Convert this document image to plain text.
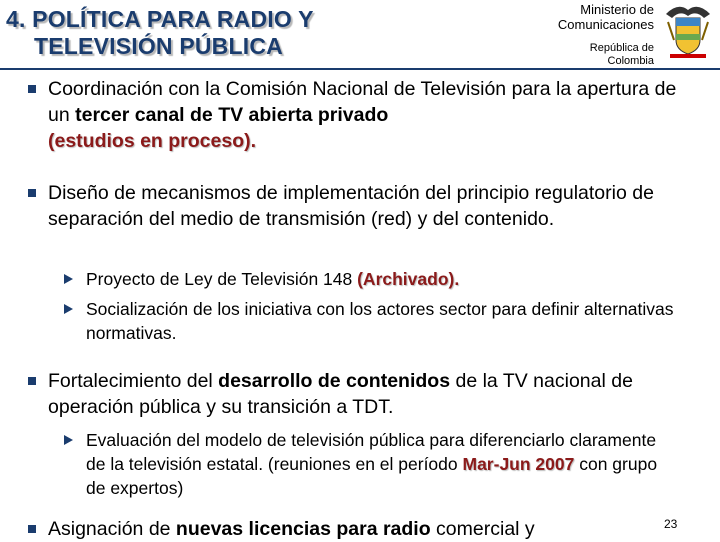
4. POLÍTICA PARA RADIO Y
TELEVISIÓN PÚBLICA
Ministerio de
Comunicaciones
República de
Colombia
Coordinación con la Comisión Nacional de Televisión para la apertura de un tercer canal de TV abierta privado
(estudios en proceso).
Diseño de mecanismos de implementación del principio regulatorio de separación del medio de transmisión (red) y del contenido.
Proyecto de Ley de Televisión 148 (Archivado).
Socialización de los iniciativa con los actores sector para definir alternativas normativas.
Fortalecimiento del desarrollo de contenidos de la TV nacional de operación pública y su transición a TDT.
Evaluación del modelo de televisión pública para diferenciarlo claramente de la televisión estatal. (reuniones en el período Mar-Jun 2007 con grupo de expertos)
Asignación de nuevas licencias para radio comercial y	23
